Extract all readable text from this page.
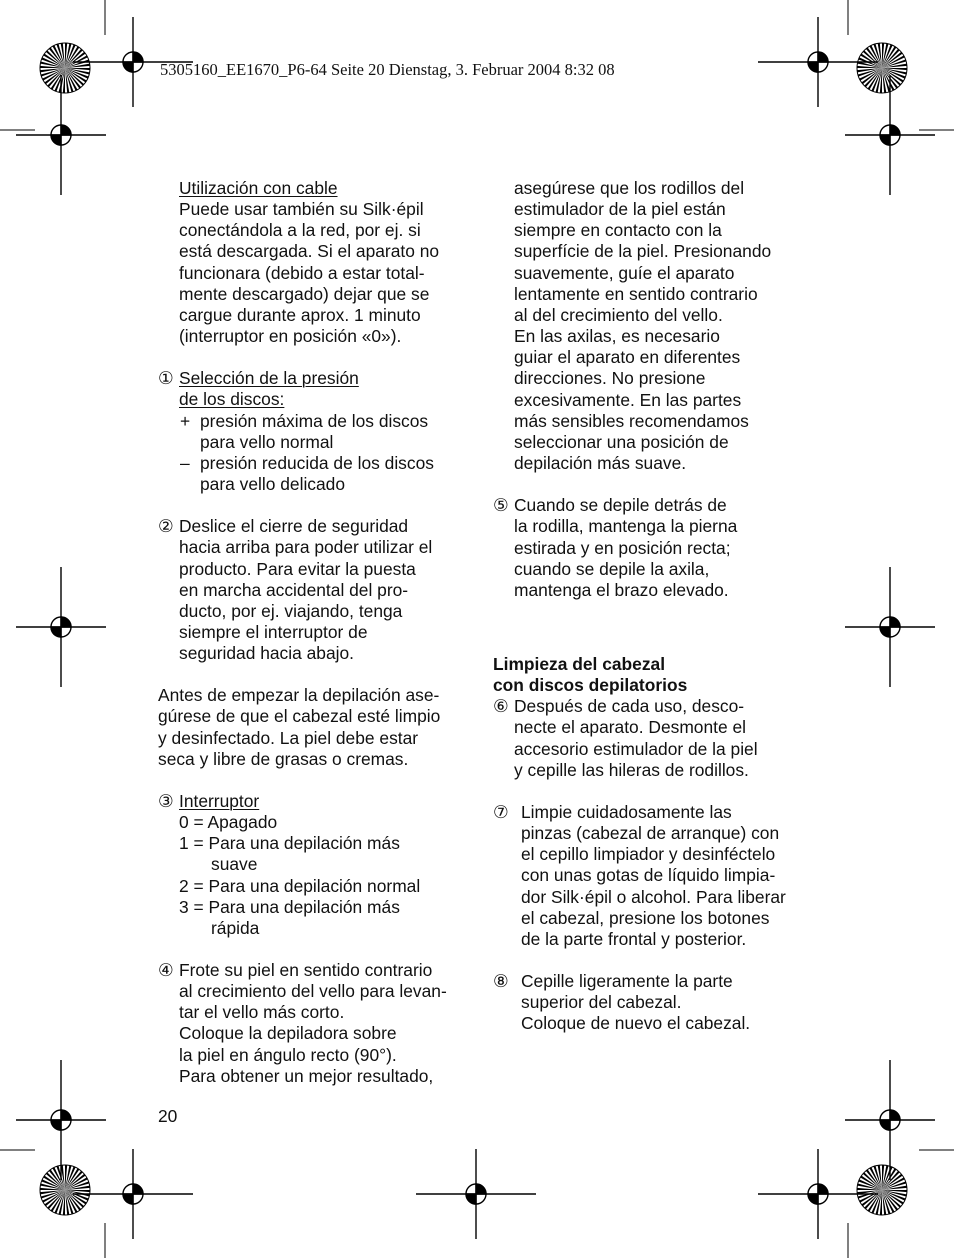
5305160_EE1670_P6-64 Seite 20 Dienstag, 3. Februar 2004 8:32 08
Utilización con cable
Puede usar también su Silk·épil
conectándola a la red, por ej. si
está descargada. Si el aparato no
funcionara (debido a estar total-
mente descargado) dejar que se
cargue durante aprox. 1 minuto
(interruptor en posición «0»).
① Selección de la presión
de los discos:
+ presión máxima de los discos
para vello normal
– presión reducida de los discos
para vello delicado
② Deslice el cierre de seguridad
hacia arriba para poder utilizar el
producto. Para evitar la puesta
en marcha accidental del pro-
ducto, por ej. viajando, tenga
siempre el interruptor de
seguridad hacia abajo.
Antes de empezar la depilación ase-
gúrese de que el cabezal esté limpio
y desinfectado. La piel debe estar
seca y libre de grasas o cremas.
③ Interruptor
0 = Apagado
1 = Para una depilación más
suave
2 = Para una depilación normal
3 = Para una depilación más
rápida
④ Frote su piel en sentido contrario
al crecimiento del vello para levan-
tar el vello más corto.
Coloque la depiladora sobre
la piel en ángulo recto (90°).
Para obtener un mejor resultado,
asegúrese que los rodillos del
estimulador de la piel están
siempre en contacto con la
superfície de la piel. Presionando
suavemente, guíe el aparato
lentamente en sentido contrario
al del crecimiento del vello.
En las axilas, es necesario
guiar el aparato en diferentes
direcciones. No presione
excesivamente. En las partes
más sensibles recomendamos
seleccionar una posición de
depilación más suave.
⑤ Cuando se depile detrás de
la rodilla, mantenga la pierna
estirada y en posición recta;
cuando se depile la axila,
mantenga el brazo elevado.
Limpieza del cabezal
con discos depilatorios
⑥ Después de cada uso, desco-
necte el aparato. Desmonte el
accesorio estimulador de la piel
y cepille las hileras de rodillos.
⑦ Limpie cuidadosamente las
pinzas (cabezal de arranque) con
el cepillo limpiador y desinféctelo
con unas gotas de líquido limpia-
dor Silk·épil o alcohol. Para liberar
el cabezal, presione los botones
de la parte frontal y posterior.
⑧ Cepille ligeramente la parte
superior del cabezal.
Coloque de nuevo el cabezal.
20
